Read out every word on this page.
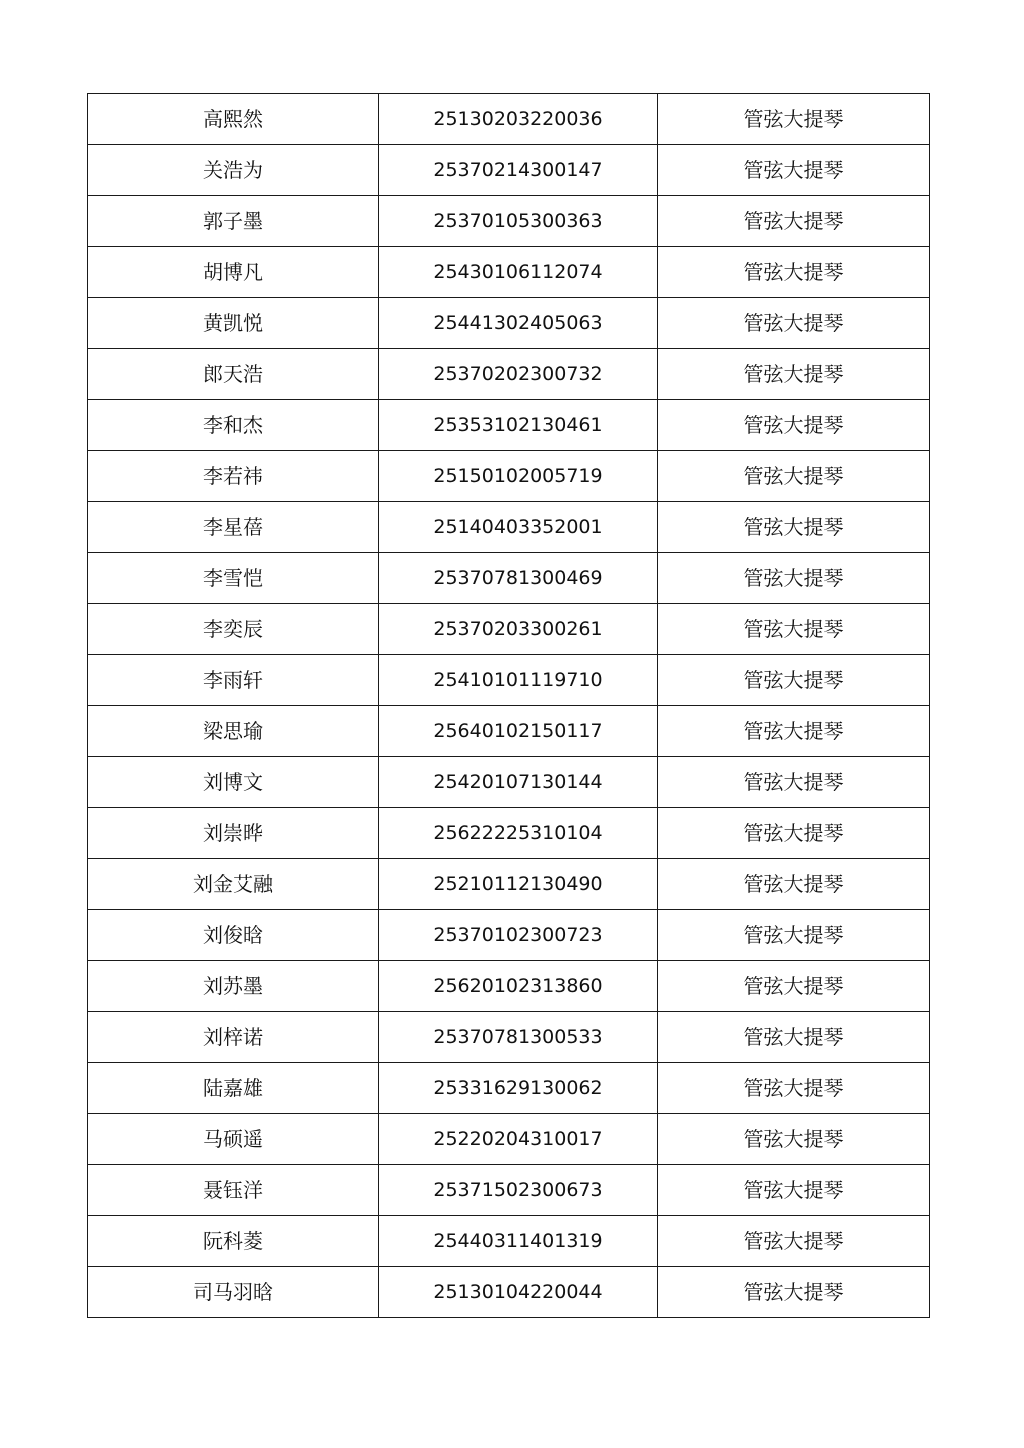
高熙然	25130203220036	管弦大提琴
关浩为	25370214300147	管弦大提琴
郭子墨	25370105300363	管弦大提琴
胡博凡	25430106112074	管弦大提琴
黄凯悦	25441302405063	管弦大提琴
郎天浩	25370202300732	管弦大提琴
李和杰	25353102130461	管弦大提琴
李若祎	25150102005719	管弦大提琴
李星蓓	25140403352001	管弦大提琴
李雪恺	25370781300469	管弦大提琴
李奕辰	25370203300261	管弦大提琴
李雨轩	25410101119710	管弦大提琴
梁思瑜	25640102150117	管弦大提琴
刘博文	25420107130144	管弦大提琴
刘崇晔	25622225310104	管弦大提琴
刘金艾融	25210112130490	管弦大提琴
刘俊晗	25370102300723	管弦大提琴
刘苏墨	25620102313860	管弦大提琴
刘梓诺	25370781300533	管弦大提琴
陆嘉雄	25331629130062	管弦大提琴
马硕遥	25220204310017	管弦大提琴
聂钰洋	25371502300673	管弦大提琴
阮科菱	25440311401319	管弦大提琴
司马羽晗	25130104220044	管弦大提琴
